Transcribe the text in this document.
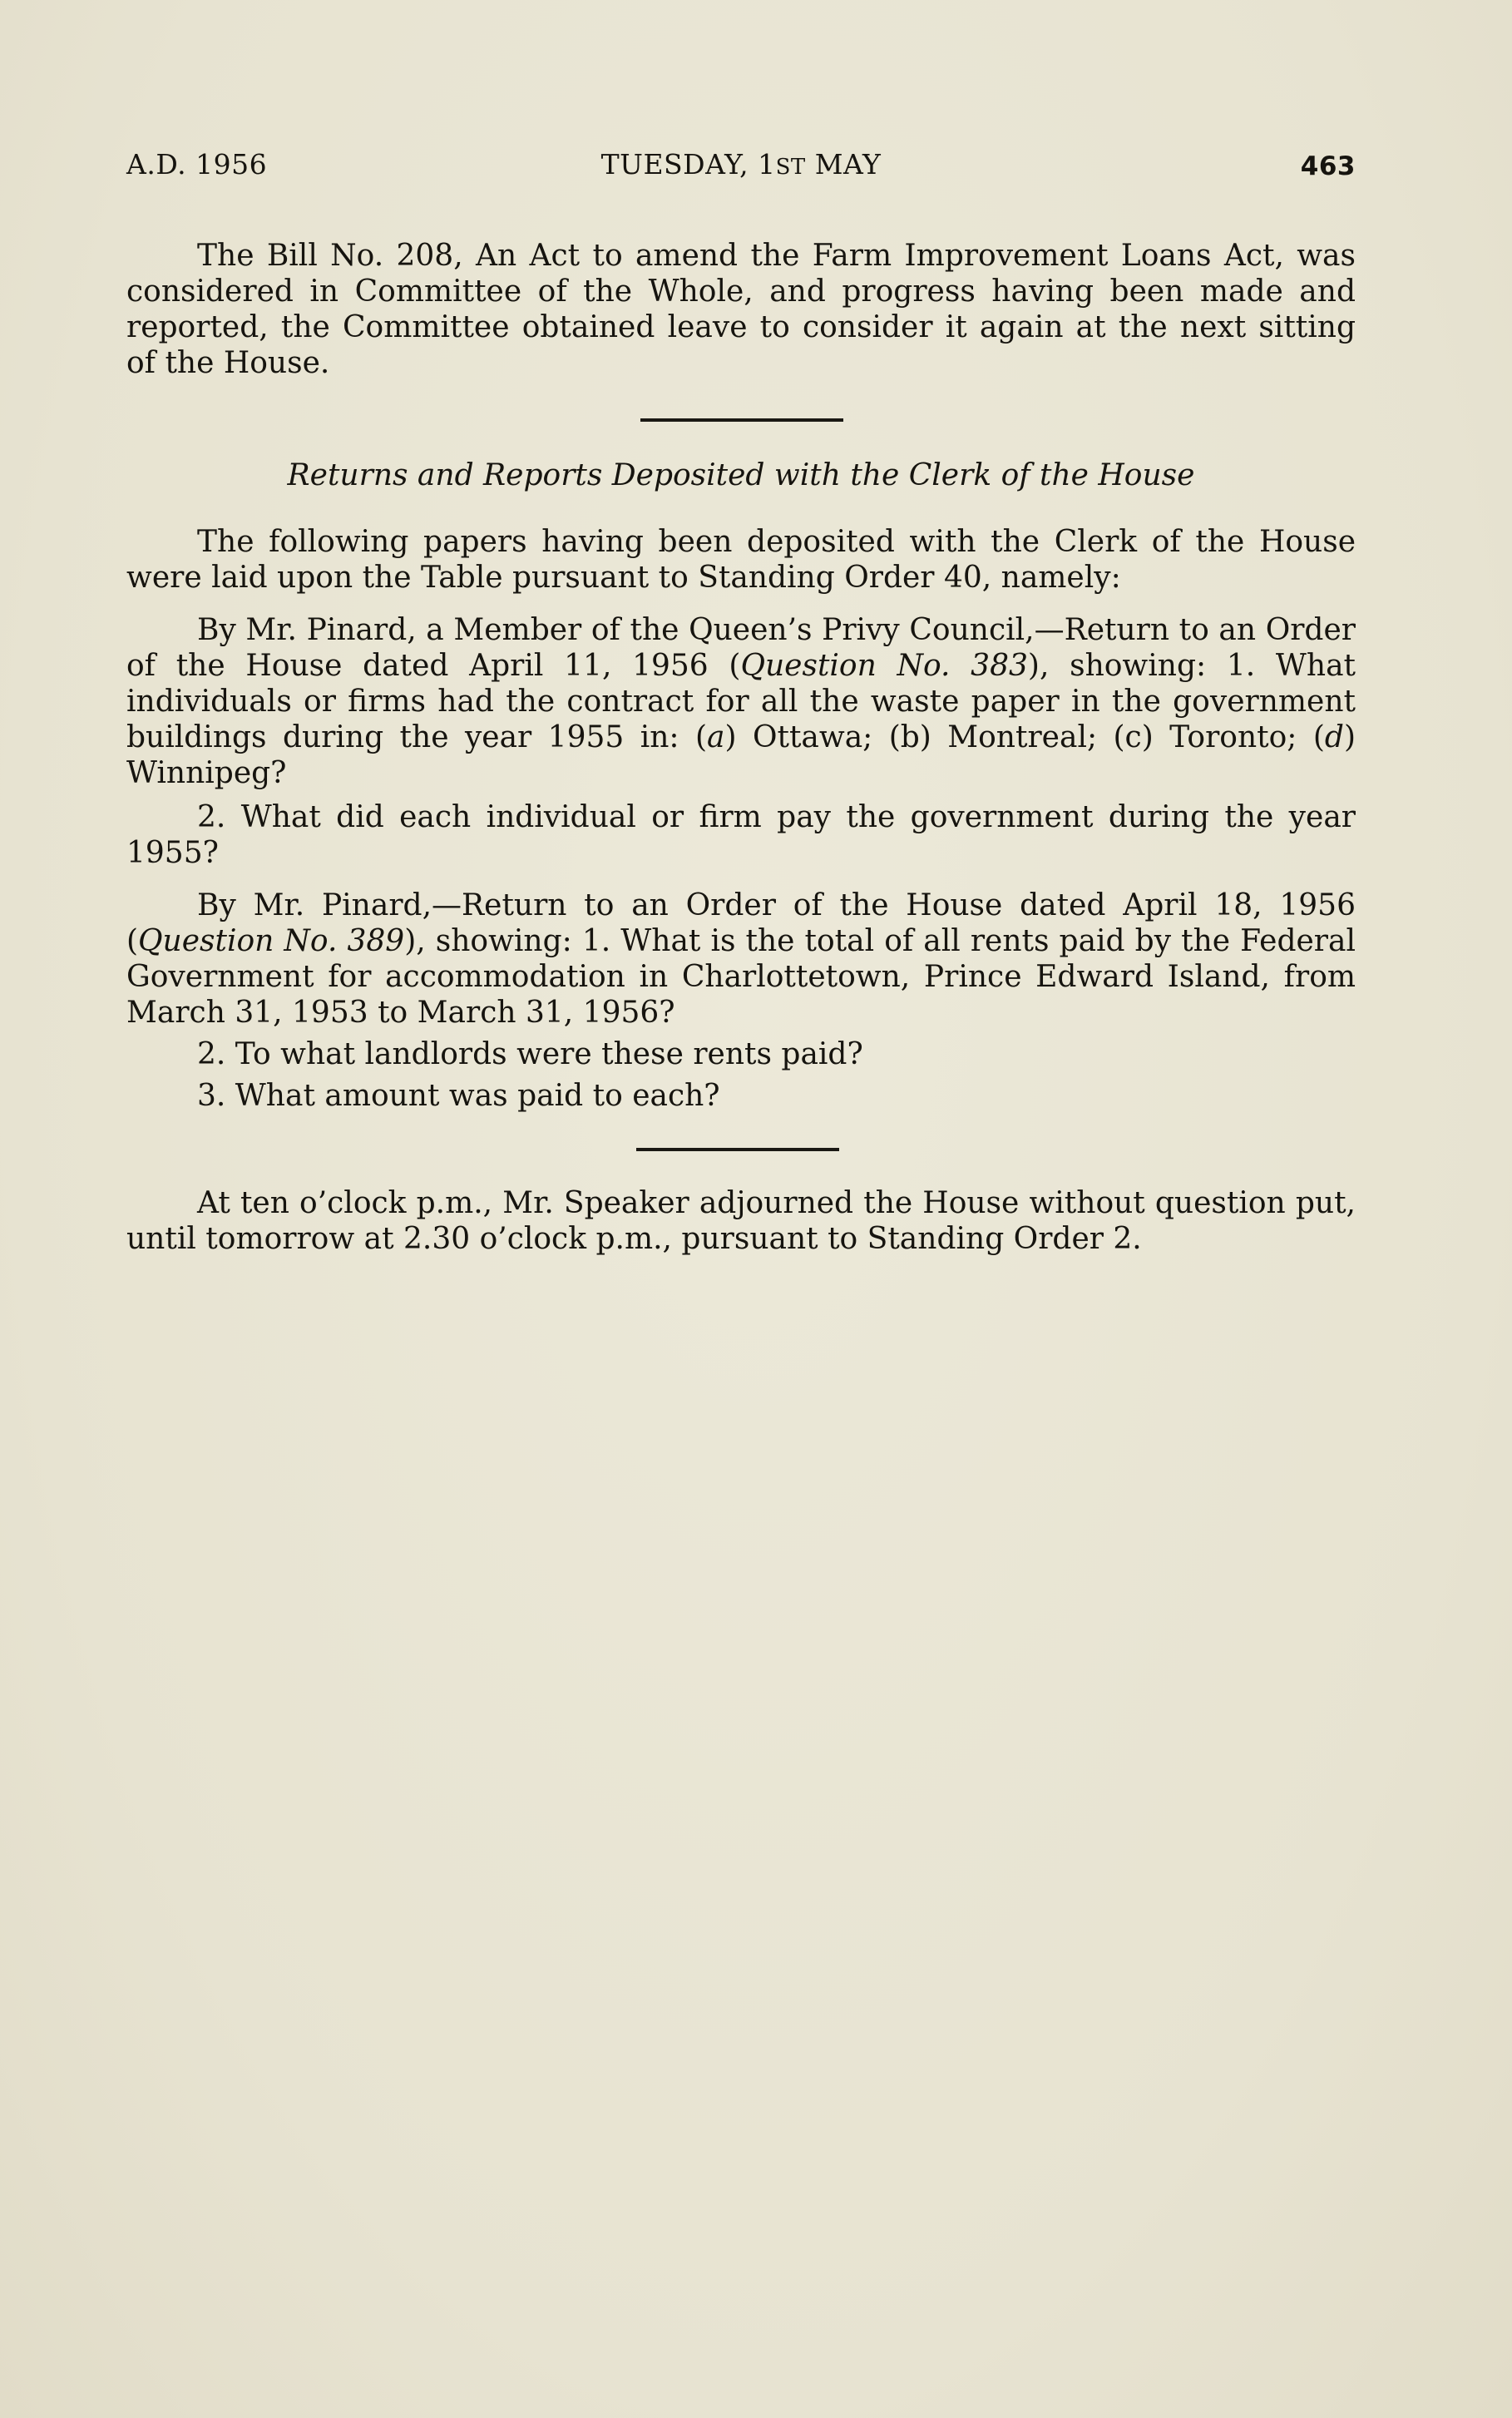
A.D. 1956	TUESDAY, 1ST MAY	463

The Bill No. 208, An Act to amend the Farm Improvement Loans Act, was considered in Committee of the Whole, and progress having been made and reported, the Committee obtained leave to consider it again at the next sitting of the House.

Returns and Reports Deposited with the Clerk of the House

The following papers having been deposited with the Clerk of the House were laid upon the Table pursuant to Standing Order 40, namely:

By Mr. Pinard, a Member of the Queen’s Privy Council,—Return to an Order of the House dated April 11, 1956 (Question No. 383), showing: 1. What individuals or firms had the contract for all the waste paper in the government buildings during the year 1955 in: (a) Ottawa; (b) Montreal; (c) Toronto; (d) Winnipeg?

2. What did each individual or firm pay the government during the year 1955?

By Mr. Pinard,—Return to an Order of the House dated April 18, 1956 (Question No. 389), showing: 1. What is the total of all rents paid by the Federal Government for accommodation in Charlottetown, Prince Edward Island, from March 31, 1953 to March 31, 1956?

2. To what landlords were these rents paid?

3. What amount was paid to each?

At ten o’clock p.m., Mr. Speaker adjourned the House without question put, until tomorrow at 2.30 o’clock p.m., pursuant to Standing Order 2.
